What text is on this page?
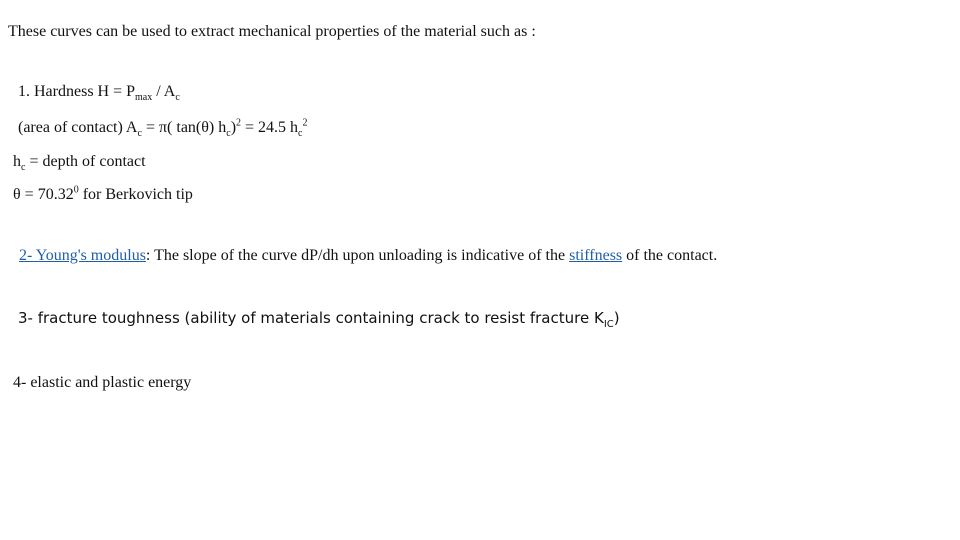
These curves can be used to extract mechanical properties of the material such as :
1. Hardness $H = P_{max} / A_c$
(area of contact) $A_c = \pi$( tan(θ) $h_c)^2 = 24.5$ $h_c^2$
$h_c$ = depth of contact
$\theta = 70.32^0$ for Berkovich tip
2- Young's modulus: The slope of the curve dP/dh upon unloading is indicative of the stiffness of the contact.
3- fracture toughness (ability of materials containing crack to resist fracture $K_{IC}$)
4- elastic and plastic energy
